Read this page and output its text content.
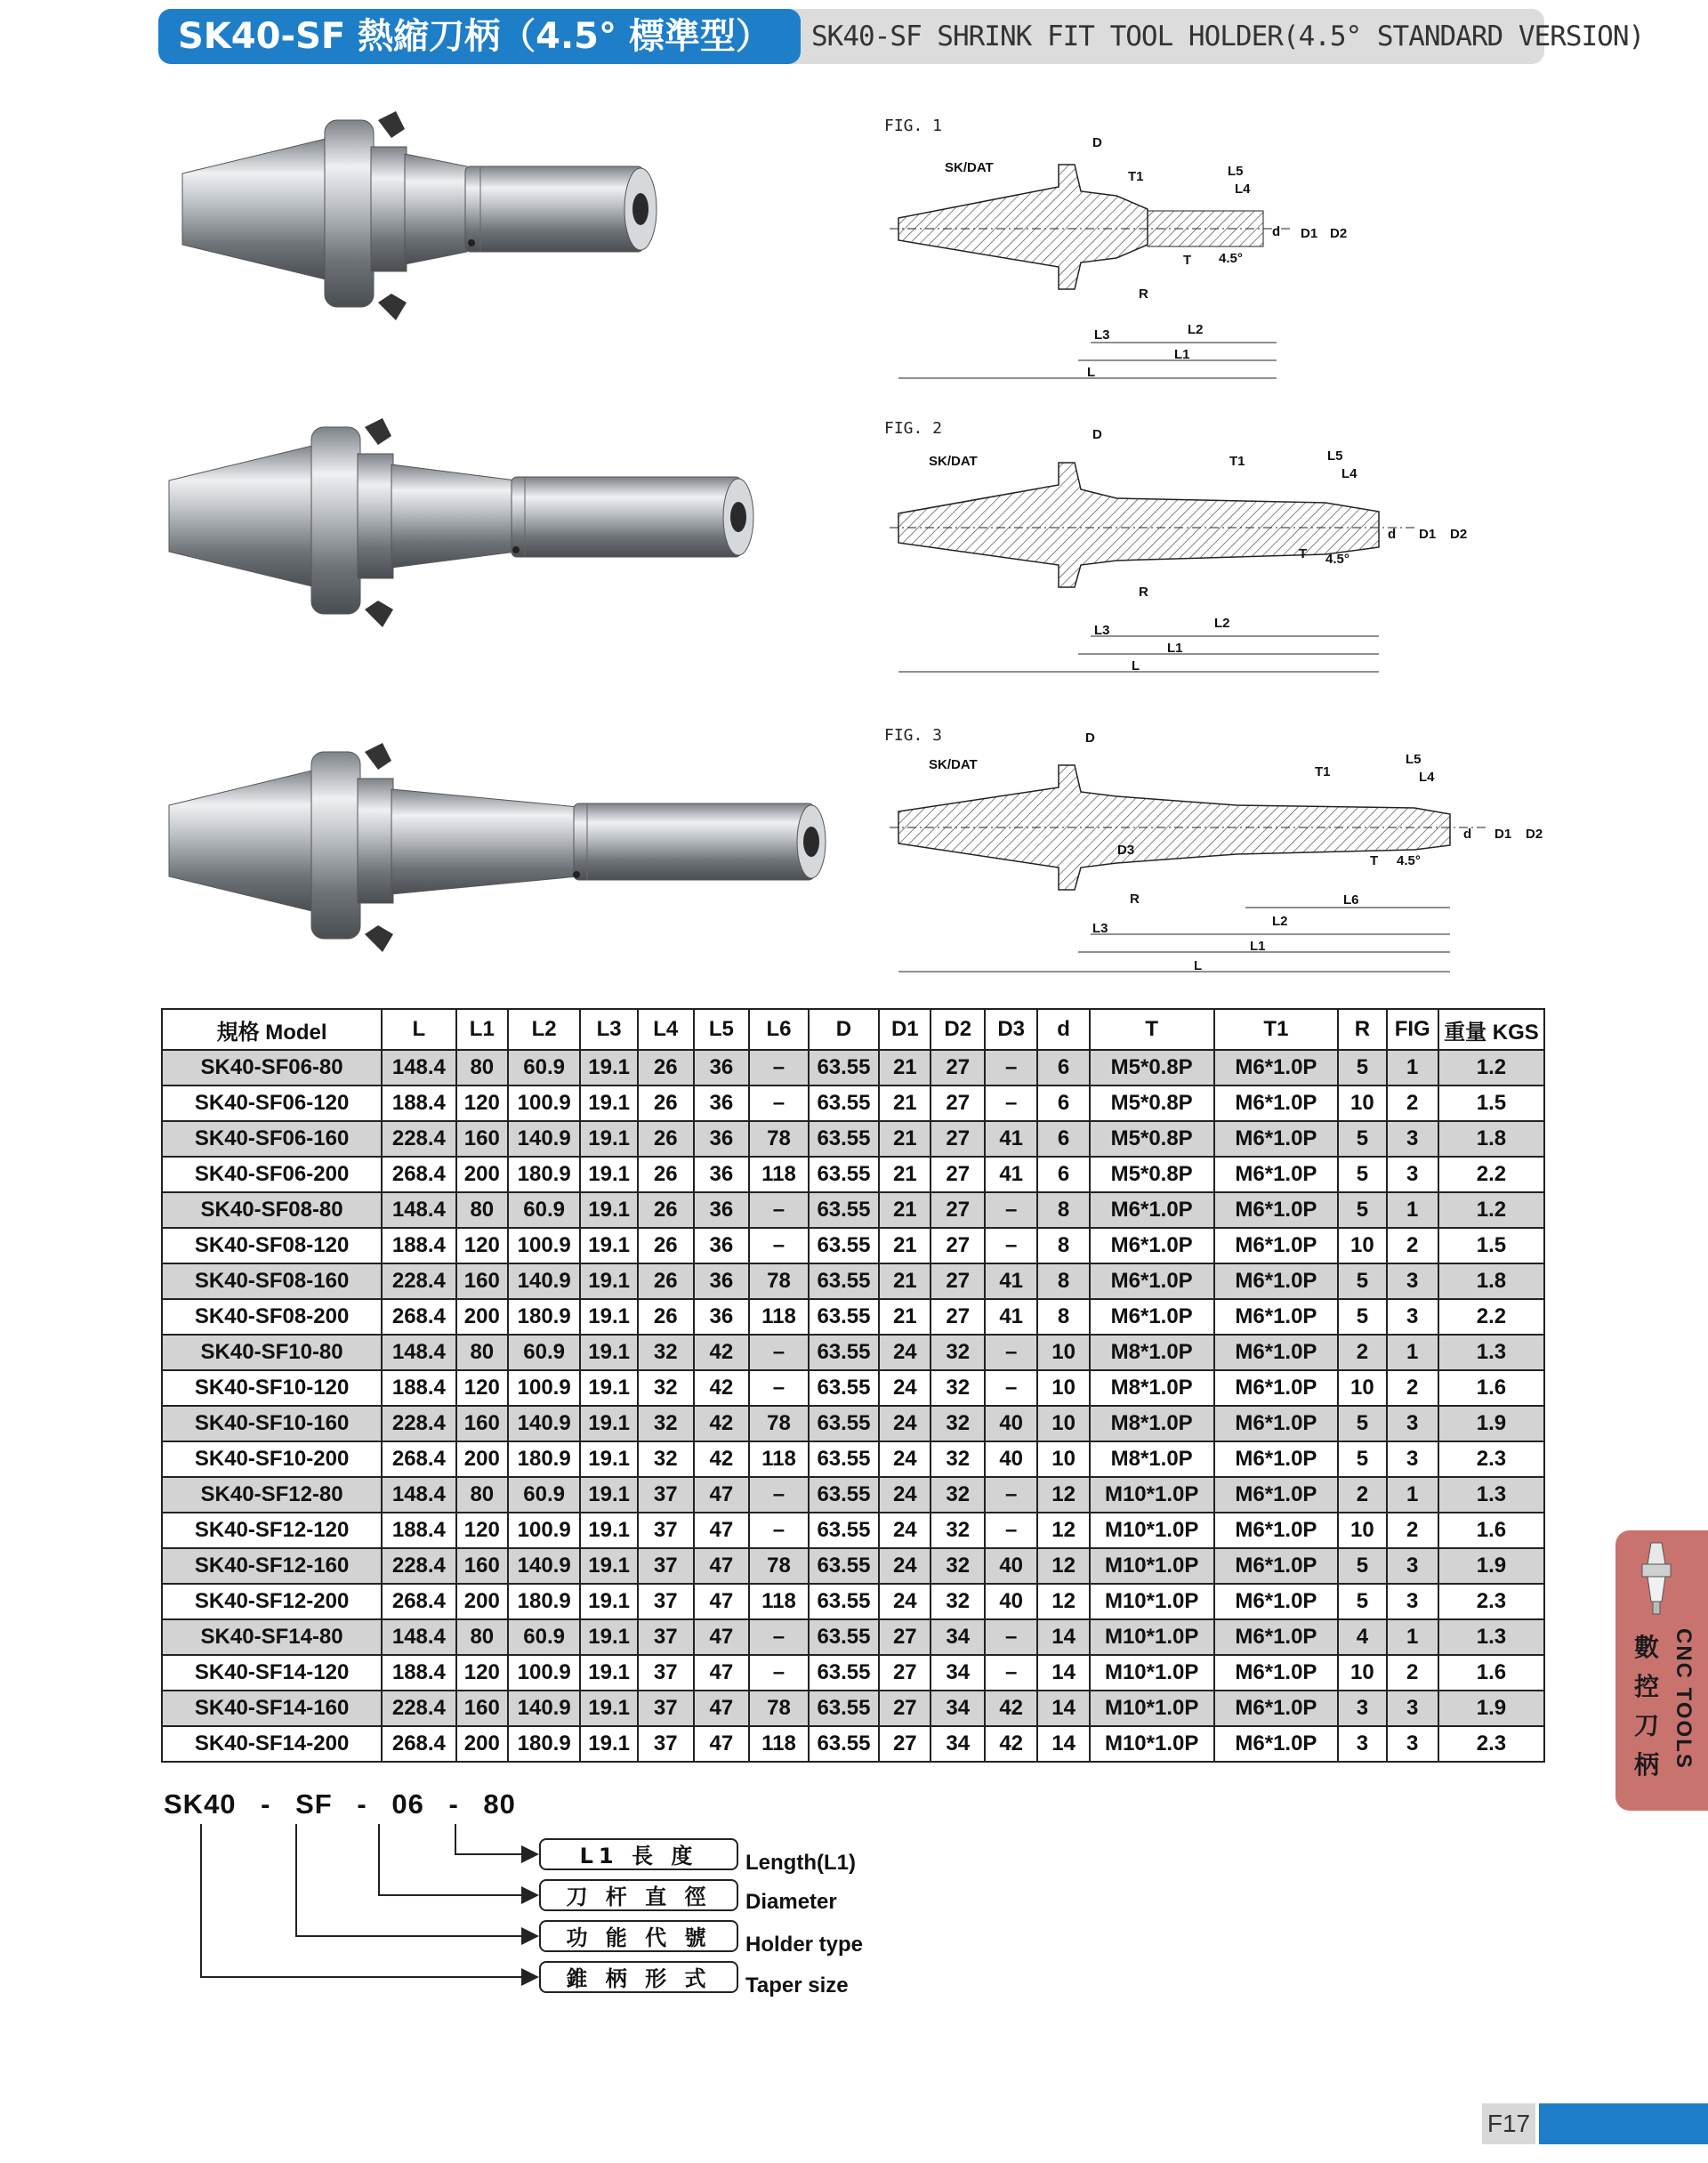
SK40-SF 熱縮刀柄（4.5° 標準型）	SK40-SF SHRINK FIT TOOL HOLDER(4.5° STANDARD VERSION)
FIG. 1
SK/DAT
D
T1	L5
L4
T 4.5°
R
d D1 D2
L3	L2
L1
L
FIG. 2
SK/DAT
D
T1	L5
L4
T 4.5°
R
d D1 D2
L3	L2
L1
L
FIG. 3
SK/DAT
D
T1
L5
L4
T 4.5°
D3
R
d D1 D2
L6
L3	L2
L1
L
規格 Model	L	L1	L2	L3	L4	L5	L6	D	D1	D2	D3	d	T	T1	R	FIG	重量 KGS
SK40-SF06-80	148.4	80	60.9	19.1	26	36	–	63.55	21	27	–	6	M5*0.8P	M6*1.0P	5	1	1.2
SK40-SF06-120	188.4	120	100.9	19.1	26	36	–	63.55	21	27	–	6	M5*0.8P	M6*1.0P	10	2	1.5
SK40-SF06-160	228.4	160	140.9	19.1	26	36	78	63.55	21	27	41	6	M5*0.8P	M6*1.0P	5	3	1.8
SK40-SF06-200	268.4	200	180.9	19.1	26	36	118	63.55	21	27	41	6	M5*0.8P	M6*1.0P	5	3	2.2
SK40-SF08-80	148.4	80	60.9	19.1	26	36	–	63.55	21	27	–	8	M6*1.0P	M6*1.0P	5	1	1.2
SK40-SF08-120	188.4	120	100.9	19.1	26	36	–	63.55	21	27	–	8	M6*1.0P	M6*1.0P	10	2	1.5
SK40-SF08-160	228.4	160	140.9	19.1	26	36	78	63.55	21	27	41	8	M6*1.0P	M6*1.0P	5	3	1.8
SK40-SF08-200	268.4	200	180.9	19.1	26	36	118	63.55	21	27	41	8	M6*1.0P	M6*1.0P	5	3	2.2
SK40-SF10-80	148.4	80	60.9	19.1	32	42	–	63.55	24	32	–	10	M8*1.0P	M6*1.0P	2	1	1.3
SK40-SF10-120	188.4	120	100.9	19.1	32	42	–	63.55	24	32	–	10	M8*1.0P	M6*1.0P	10	2	1.6
SK40-SF10-160	228.4	160	140.9	19.1	32	42	78	63.55	24	32	40	10	M8*1.0P	M6*1.0P	5	3	1.9
SK40-SF10-200	268.4	200	180.9	19.1	32	42	118	63.55	24	32	40	10	M8*1.0P	M6*1.0P	5	3	2.3
SK40-SF12-80	148.4	80	60.9	19.1	37	47	–	63.55	24	32	–	12	M10*1.0P	M6*1.0P	2	1	1.3
SK40-SF12-120	188.4	120	100.9	19.1	37	47	–	63.55	24	32	–	12	M10*1.0P	M6*1.0P	10	2	1.6
SK40-SF12-160	228.4	160	140.9	19.1	37	47	78	63.55	24	32	40	12	M10*1.0P	M6*1.0P	5	3	1.9
SK40-SF12-200	268.4	200	180.9	19.1	37	47	118	63.55	24	32	40	12	M10*1.0P	M6*1.0P	5	3	2.3
SK40-SF14-80	148.4	80	60.9	19.1	37	47	–	63.55	27	34	–	14	M10*1.0P	M6*1.0P	4	1	1.3
SK40-SF14-120	188.4	120	100.9	19.1	37	47	–	63.55	27	34	–	14	M10*1.0P	M6*1.0P	10	2	1.6
SK40-SF14-160	228.4	160	140.9	19.1	37	47	78	63.55	27	34	42	14	M10*1.0P	M6*1.0P	3	3	1.9
SK40-SF14-200	268.4	200	180.9	19.1	37	47	118	63.55	27	34	42	14	M10*1.0P	M6*1.0P	3	3	2.3
SK40 - SF - 06 - 80
L1 長 度	Length(L1)
刀 杆 直 徑	Diameter
功 能 代 號	Holder type
錐 柄 形 式	Taper size
數
控
刀
柄 CNC TOOLS
F17
